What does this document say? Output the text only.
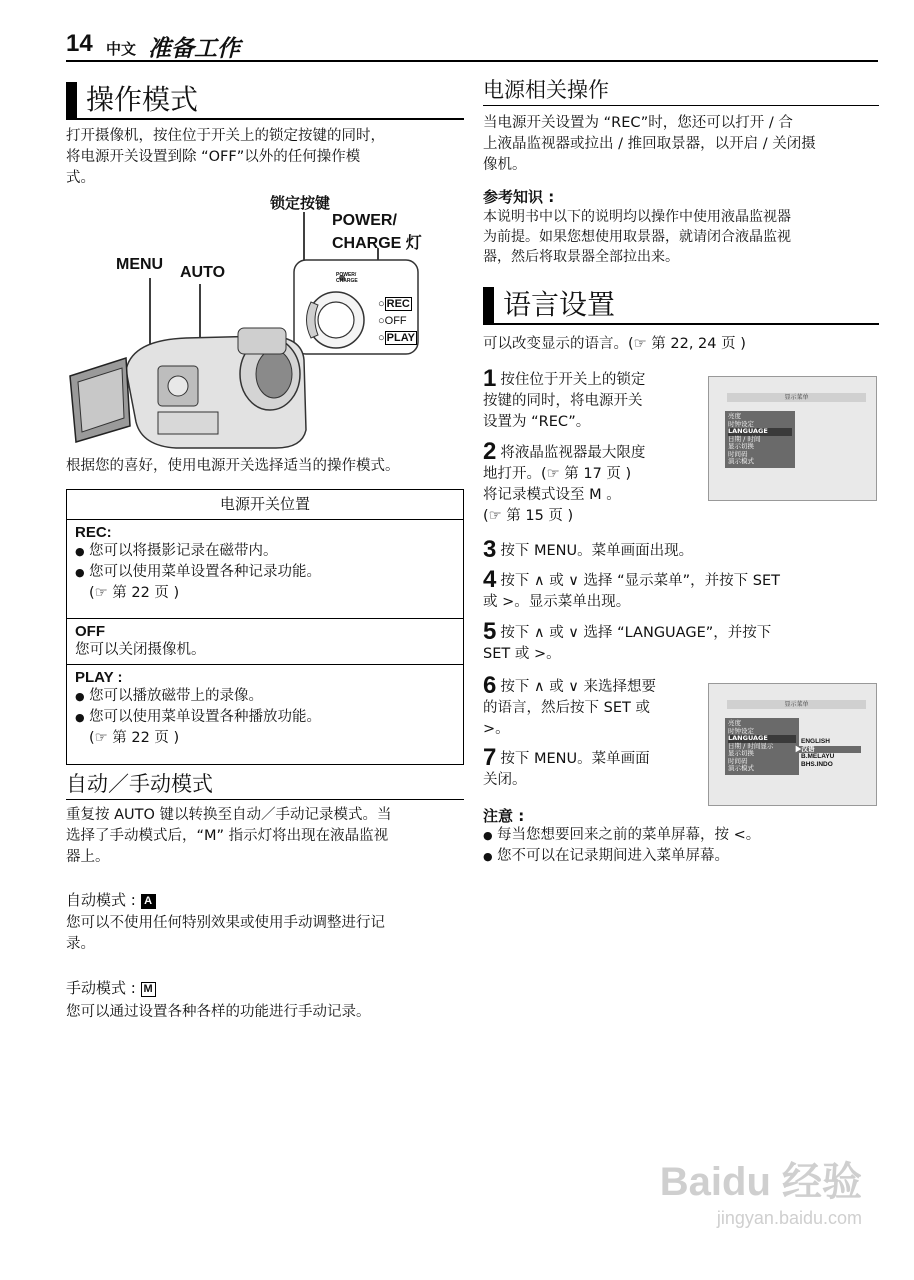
14 中文 准备工作
操作模式
打开摄像机，按住位于开关上的锁定按键的同时，
将电源开关设置到除 “OFF”以外的任何操作模
式。
锁定按键
POWER/
CHARGE 灯
MENU AUTO	POWER/
CHARGE
○ REC
○OFF
○ PLAY
根据您的喜好，使用电源开关选择适当的操作模式。
电源开关位置
REC:
● 您可以将摄影记录在磁带内。
● 您可以使用菜单设置各种记录功能。
(☞ 第 22 页 )
OFF
您可以关闭摄像机。
PLAY :
● 您可以播放磁带上的录像。
● 您可以使用菜单设置各种播放功能。
(☞ 第 22 页 )
自动／手动模式
重复按 AUTO 键以转换至自动／手动记录模式。当
选择了手动模式后，“M” 指示灯将出现在液晶监视
器上。
自动模式 : A
您可以不使用任何特别效果或使用手动调整进行记
录。
手动模式 : M
您可以通过设置各种各样的功能进行手动记录。
电源相关操作
当电源开关设置为 “REC”时，您还可以打开 / 合
上液晶监视器或拉出 / 推回取景器，以开启 / 关闭摄
像机。
参考知识 :
本说明书中以下的说明均以操作中使用液晶监视器
为前提。如果您想使用取景器，就请闭合液晶监视
器，然后将取景器全部拉出来。
语言设置
可以改变显示的语言。(☞ 第 22, 24 页 )
1 按住位于开关上的锁定
按键的同时，将电源开关
设置为 “REC”。
2 将液晶监视器最大限度
地打开。(☞ 第 17 页 )
将记录模式设至 M 。
(☞ 第 15 页 )
显示菜单
亮度
时钟设定
LANGUAGE
日期 / 时间
显示切换
时间码
演示模式
3 按下 MENU。菜单画面出现。
4 按下 ∧ 或 ∨ 选择 “显示菜单”，并按下 SET
或 >。显示菜单出现。
5 按下 ∧ 或 ∨ 选择 “LANGUAGE”，并按下
SET 或 >。
6 按下 ∧ 或 ∨ 来选择想要
的语言，然后按下 SET 或
>。
7 按下 MENU。菜单画面
关闭。
显示菜单
亮度
时钟设定
LANGUAGE
日期 / 时间显示
显示切换
时间码
演示模式
ENGLISH
▶汉语
B.MELAYU
BHS.INDO
注意 :
● 每当您想要回来之前的菜单屏幕，按 <。
● 您不可以在记录期间进入菜单屏幕。
Baidu 经验
jingyan.baidu.com
